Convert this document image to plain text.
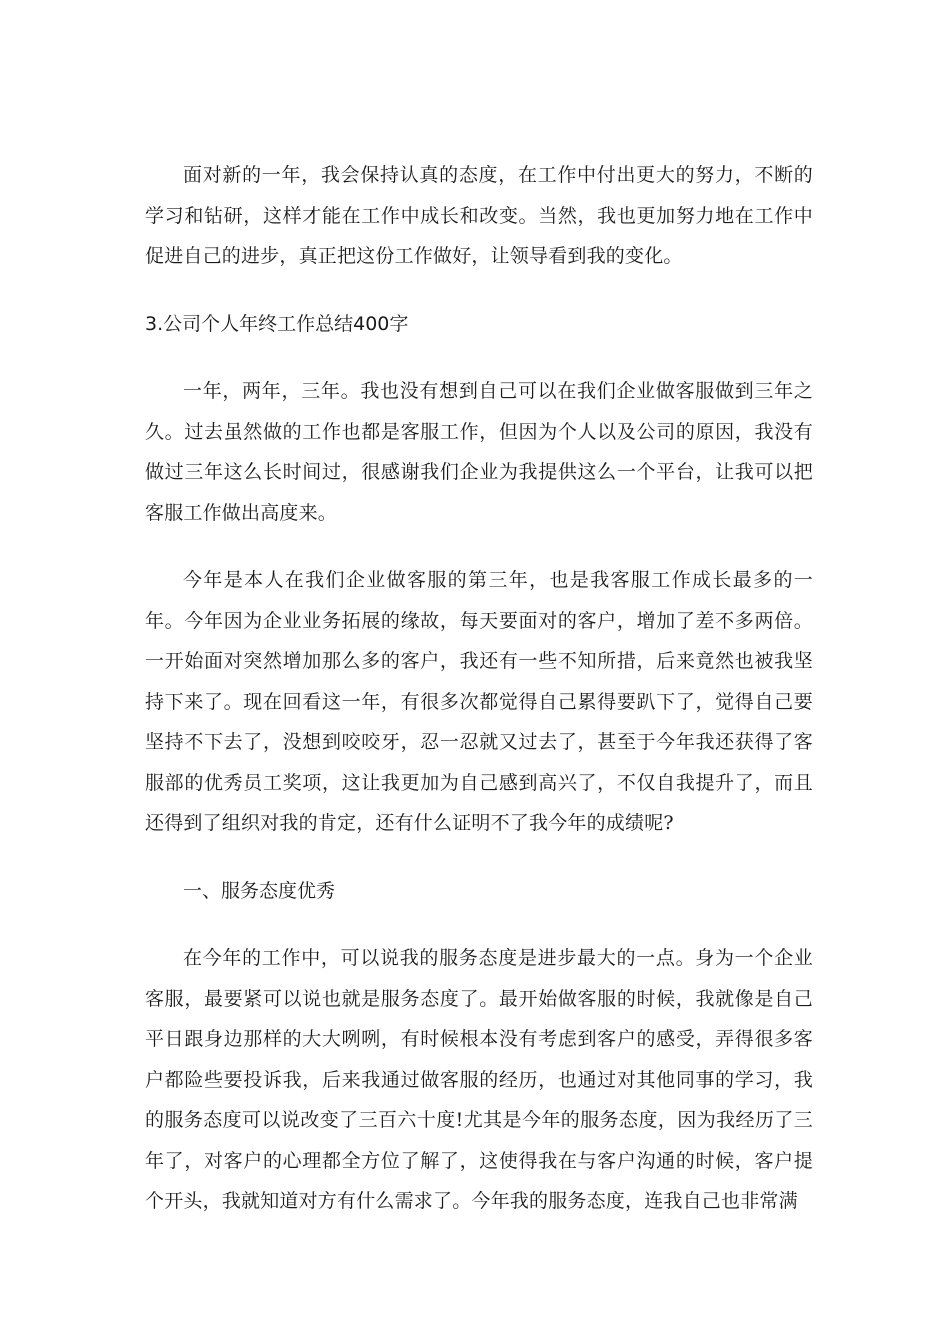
面对新的一年，我会保持认真的态度，在工作中付出更大的努力，不断的学习和钻研，这样才能在工作中成长和改变。当然，我也更加努力地在工作中促进自己的进步，真正把这份工作做好，让领导看到我的变化。

3.公司个人年终工作总结400字

一年，两年，三年。我也没有想到自己可以在我们企业做客服做到三年之久。过去虽然做的工作也都是客服工作，但因为个人以及公司的原因，我没有做过三年这么长时间过，很感谢我们企业为我提供这么一个平台，让我可以把客服工作做出高度来。

今年是本人在我们企业做客服的第三年，也是我客服工作成长最多的一年。今年因为企业业务拓展的缘故，每天要面对的客户，增加了差不多两倍。一开始面对突然增加那么多的客户，我还有一些不知所措，后来竟然也被我坚持下来了。现在回看这一年，有很多次都觉得自己累得要趴下了，觉得自己要坚持不下去了，没想到咬咬牙，忍一忍就又过去了，甚至于今年我还获得了客服部的优秀员工奖项，这让我更加为自己感到高兴了，不仅自我提升了，而且还得到了组织对我的肯定，还有什么证明不了我今年的成绩呢?

一、服务态度优秀

在今年的工作中，可以说我的服务态度是进步最大的一点。身为一个企业客服，最要紧可以说也就是服务态度了。最开始做客服的时候，我就像是自己平日跟身边那样的大大咧咧，有时候根本没有考虑到客户的感受，弄得很多客户都险些要投诉我，后来我通过做客服的经历，也通过对其他同事的学习，我的服务态度可以说改变了三百六十度!尤其是今年的服务态度，因为我经历了三年了，对客户的心理都全方位了解了，这使得我在与客户沟通的时候，客户提个开头，我就知道对方有什么需求了。今年我的服务态度，连我自己也非常满
